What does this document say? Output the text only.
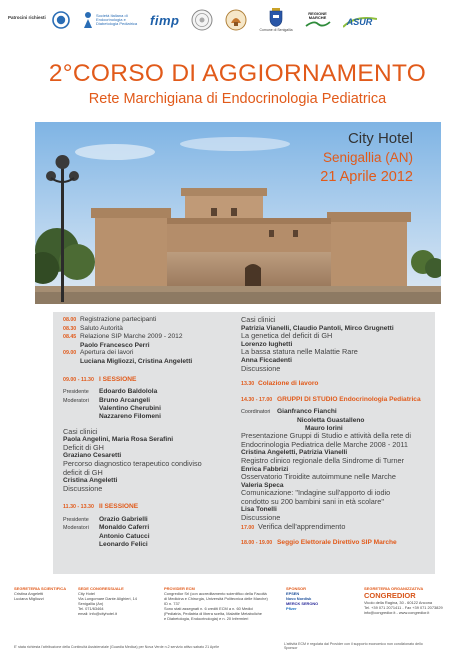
Patrocini richiesti	Società Italiana di Endocrinologia e Diabetologia Pediatrica fimp
Comune di Senigallia
REGIONE MARCHE	ASUR
2°CORSO DI AGGIORNAMENTO
Rete Marchigiana di Endocrinologia Pediatrica
City Hotel
Senigallia (AN)
21 Aprile 2012
08.00 Registrazione partecipanti
08.30 Saluto Autorità
08.45 Relazione SIP Marche 2009 - 2012
Paolo Francesco Perri
09.00 Apertura dei lavori
Luciana Migliozzi, Cristina Angeletti
09.00 - 11.30 I SESSIONE
Presidente Edoardo Baldolola
Moderatori Bruno Arcangeli
Valentino Cherubini
Nazzareno Filomeni
Casi clinici
Paola Angelini, Maria Rosa Serafini
Deficit di GH
Graziano Cesaretti
Percorso diagnostico terapeutico condiviso
deficit di GH
Cristina Angeletti
Discussione
11.30 - 13.30 II SESSIONE
Presidente Orazio Gabrielli
Moderatori Monaldo Caferri
Antonio Catucci
Leonardo Felici
Casi clinici
Patrizia Vianelli, Claudio Pantoli, Mirco Grugnetti
La genetica del deficit di GH
Lorenzo Iughetti
La bassa statura nelle Malattie Rare
Anna Ficcadenti
Discussione
13.30 Colazione di lavoro
14.30 - 17.00 GRUPPI DI STUDIO Endocrinologia Pediatrica
Coordinatori Gianfranco Fianchi
Nicoletta Guastalleno
Mauro Iorini
Presentazione Gruppi di Studio e attività della rete di
Endocrinologia Pediatrica delle Marche 2008 - 2011
Cristina Angeletti, Patrizia Vianelli
Registro clinico regionale della Sindrome di Turner
Enrica Fabbrizi
Osservatorio Tiroidite autoimmune nelle Marche
Valeria Speca
Comunicazione: "Indagine sull'apporto di iodio
condotto su 200 bambini sani in età scolare"
Lisa Tonelli
Discussione
17.00 Verifica dell'apprendimento
18.00 - 19.00 Seggio Elettorale Direttivo SIP Marche
SEGRETERIA SCIENTIFICA
Cristina Angeletti
Luciana Migliozzi
SEDE CONGRESSUALE
City Hotel
Via Lungomare Dante Alighieri, 14
Senigallia (An)
Tel. 071/63464
email: info@cityhotel.it
PROVIDER ECM
Congredior Srl (con accreditamento scientifico della Facoltà
di Medicina e Chirurgia, Università Politecnica delle Marche)
ID n. 737
Sono stati assegnati n. 6 crediti ECM a n. 60 Medici
(Pediatria, Pediatria di libera scelta, Malattie Metaboliche
e Diabetologia, Endocrinologia) e n. 20 Infermieri
SPONSOR
EPSEN
Novo Nordisk
MERCK SERONO
Pfizer
SEGRETERIA ORGANIZZATIVA
CONGREDIOR
Vicolo della Ragina, 30 - 60122 Ancona
Tel. +39 071 2071411 - Fax +39 071 2073829
info@congredior.it - www.congredior.it
E' stata richiesta l'attribuzione della Continuità Assistenziale (Guardia Medica) per Nova Verde n.2 servizio attivo sabato 21 Aprile
L'attività ECM è regolata dal Provider con il supporto economico non condizionato dello Sponsor
